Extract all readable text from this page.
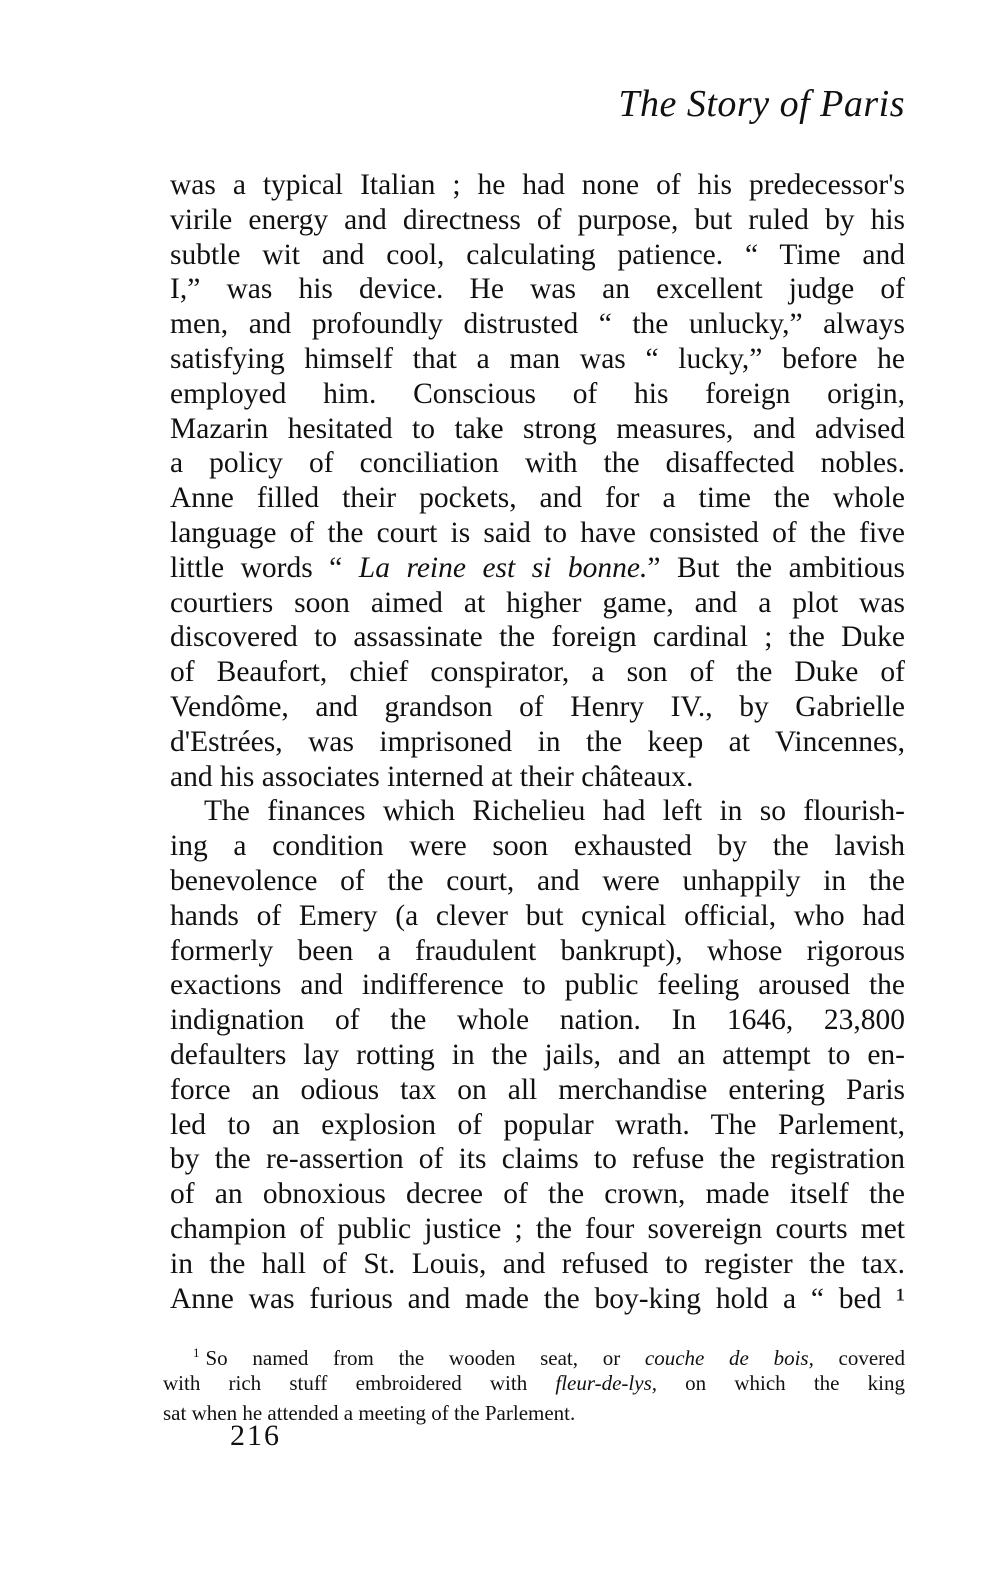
The Story of Paris
was a typical Italian ; he had none of his predecessor's
virile energy and directness of purpose, but ruled by his
subtle wit and cool, calculating patience. “ Time and
I,” was his device. He was an excellent judge of
men, and profoundly distrusted “ the unlucky,” always
satisfying himself that a man was “ lucky,” before he
employed him. Conscious of his foreign origin,
Mazarin hesitated to take strong measures, and advised
a policy of conciliation with the disaffected nobles.
Anne filled their pockets, and for a time the whole
language of the court is said to have consisted of the five
little words “ La reine est si bonne.” But the ambitious
courtiers soon aimed at higher game, and a plot was
discovered to assassinate the foreign cardinal ; the Duke
of Beaufort, chief conspirator, a son of the Duke of
Vendôme, and grandson of Henry IV., by Gabrielle
d'Estrées, was imprisoned in the keep at Vincennes,
and his associates interned at their châteaux.
The finances which Richelieu had left in so flourish-
ing a condition were soon exhausted by the lavish
benevolence of the court, and were unhappily in the
hands of Emery (a clever but cynical official, who had
formerly been a fraudulent bankrupt), whose rigorous
exactions and indifference to public feeling aroused the
indignation of the whole nation. In 1646, 23,800
defaulters lay rotting in the jails, and an attempt to en-
force an odious tax on all merchandise entering Paris
led to an explosion of popular wrath. The Parlement,
by the re-assertion of its claims to refuse the registration
of an obnoxious decree of the crown, made itself the
champion of public justice ; the four sovereign courts met
in the hall of St. Louis, and refused to register the tax.
Anne was furious and made the boy-king hold a “ bed ¹
$^1$ So named from the wooden seat, or couche de bois, covered
with rich stuff embroidered with fleur-de-lys, on which the king
sat when he attended a meeting of the Parlement.
216
